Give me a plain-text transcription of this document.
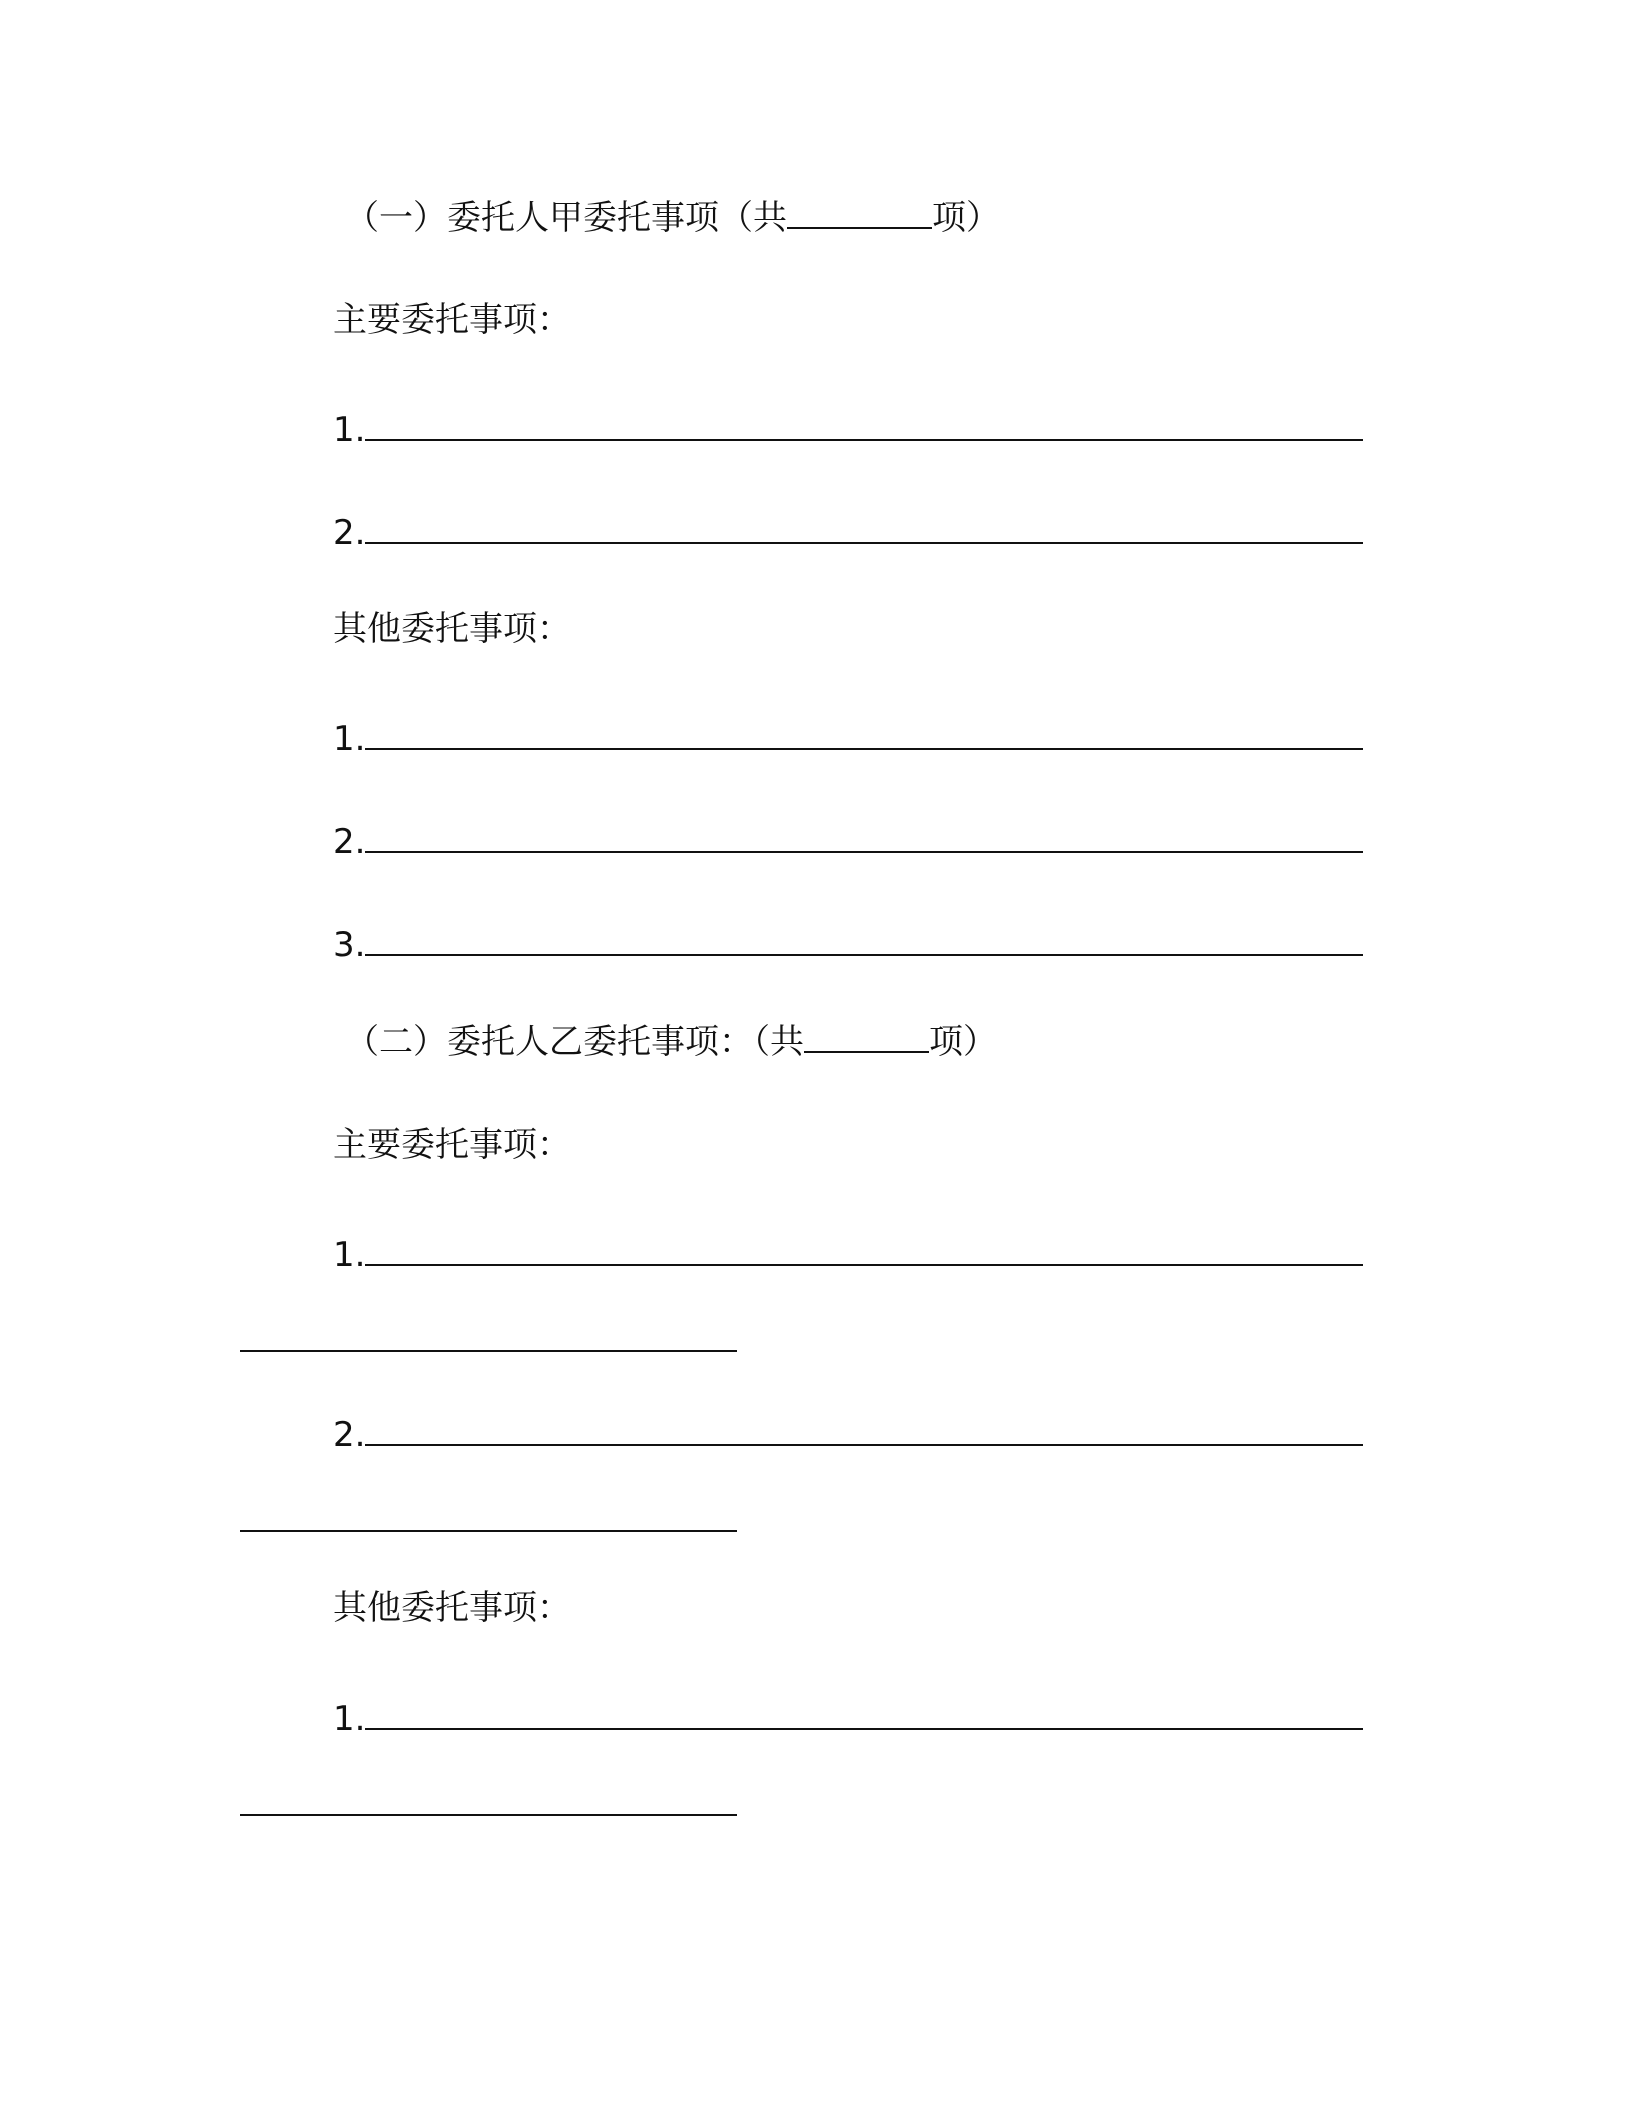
（一）委托人甲委托事项（共	项）
主要委托事项：
1.
2.
其他委托事项：
1.
2.
3.
（二）委托人乙委托事项：（共	项）
主要委托事项：
1.
2.
其他委托事项：
1.
